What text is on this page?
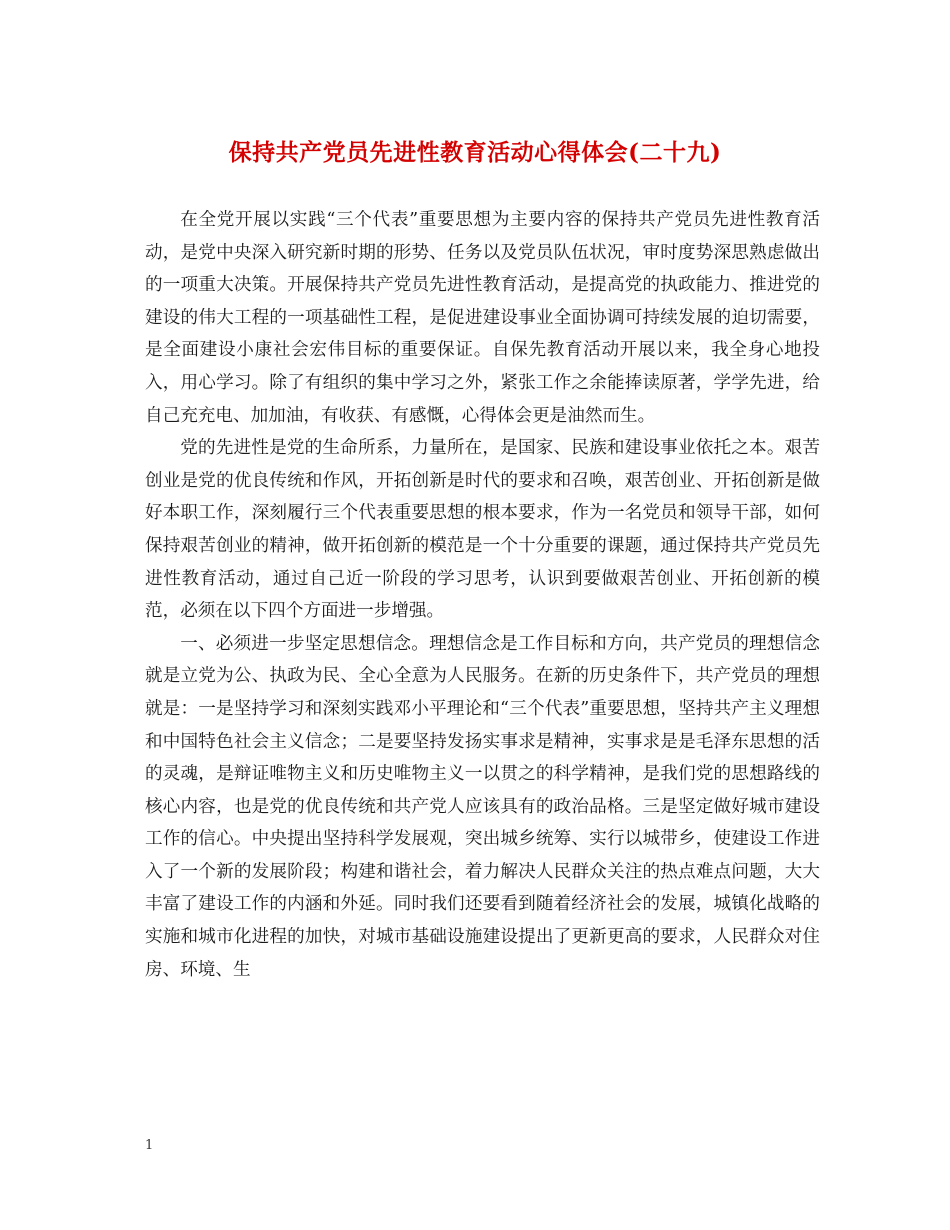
保持共产党员先进性教育活动心得体会(二十九)

在全党开展以实践“三个代表”重要思想为主要内容的保持共产党员先进性教育活动，是党中央深入研究新时期的形势、任务以及党员队伍状况，审时度势深思熟虑做出的一项重大决策。开展保持共产党员先进性教育活动，是提高党的执政能力、推进党的建设的伟大工程的一项基础性工程，是促进建设事业全面协调可持续发展的迫切需要，是全面建设小康社会宏伟目标的重要保证。自保先教育活动开展以来，我全身心地投入，用心学习。除了有组织的集中学习之外，紧张工作之余能捧读原著，学学先进，给自己充充电、加加油，有收获、有感慨，心得体会更是油然而生。

党的先进性是党的生命所系，力量所在，是国家、民族和建设事业依托之本。艰苦创业是党的优良传统和作风，开拓创新是时代的要求和召唤，艰苦创业、开拓创新是做好本职工作，深刻履行三个代表重要思想的根本要求，作为一名党员和领导干部，如何保持艰苦创业的精神，做开拓创新的模范是一个十分重要的课题，通过保持共产党员先进性教育活动，通过自己近一阶段的学习思考，认识到要做艰苦创业、开拓创新的模范，必须在以下四个方面进一步增强。

一、必须进一步坚定思想信念。理想信念是工作目标和方向，共产党员的理想信念就是立党为公、执政为民、全心全意为人民服务。在新的历史条件下，共产党员的理想就是：一是坚持学习和深刻实践邓小平理论和“三个代表”重要思想，坚持共产主义理想和中国特色社会主义信念；二是要坚持发扬实事求是精神，实事求是是毛泽东思想的活的灵魂，是辩证唯物主义和历史唯物主义一以贯之的科学精神，是我们党的思想路线的核心内容，也是党的优良传统和共产党人应该具有的政治品格。三是坚定做好城市建设工作的信心。中央提出坚持科学发展观，突出城乡统筹、实行以城带乡，使建设工作进入了一个新的发展阶段；构建和谐社会，着力解决人民群众关注的热点难点问题，大大丰富了建设工作的内涵和外延。同时我们还要看到随着经济社会的发展，城镇化战略的实施和城市化进程的加快，对城市基础设施建设提出了更新更高的要求，人民群众对住房、环境、生

1
